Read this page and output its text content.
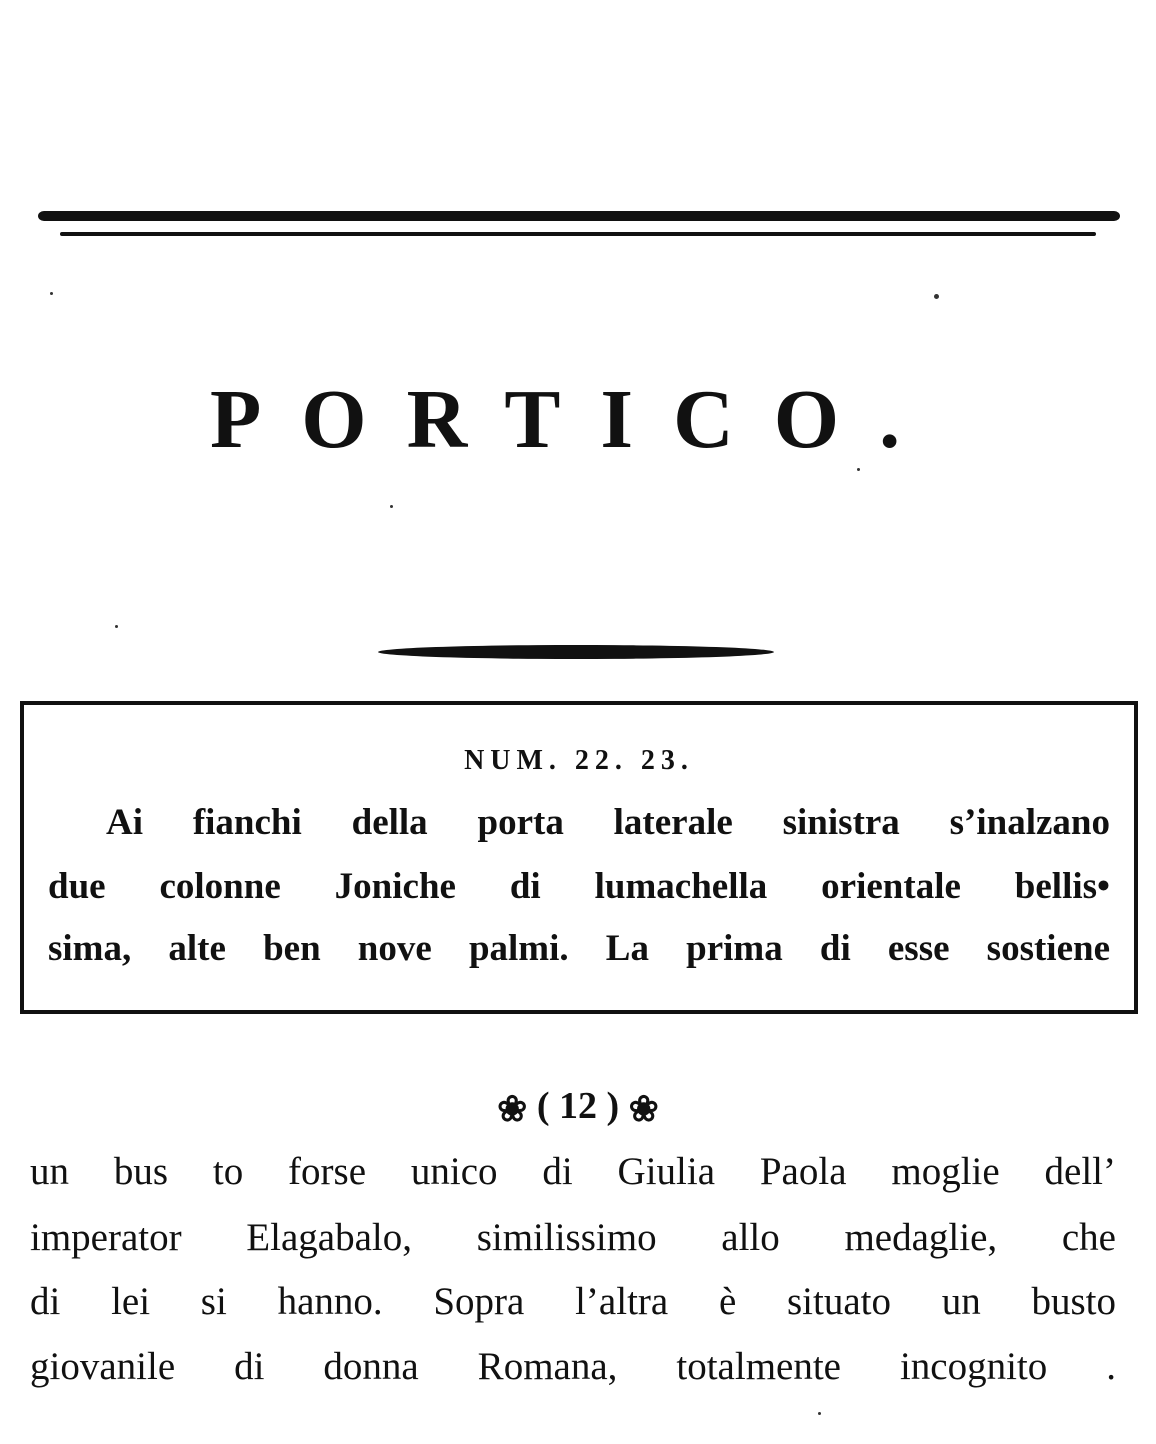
PORTICO.
NUM. 22. 23.
Ai fianchi della porta laterale sinistra s’inalzano
due colonne Joniche di lumachella orientale bellis•
sima, alte ben nove palmi. La prima di esse sostiene
❀ ( 12 ) ❀
un bus to forse unico di Giulia Paola moglie dell’
imperator Elagabalo, similissimo allo medaglie, che
di lei si hanno. Sopra l’altra è situato un busto
giovanile di donna Romana, totalmente incognito .
